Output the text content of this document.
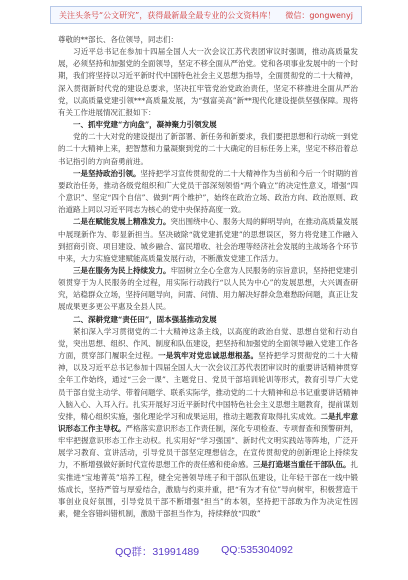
关注头条号“公文研究”，获得最新最全最专业的公文资料库！ 微信：gongwenyj

尊敬的**部长、各位领导，同志们：

习近平总书记在参加十四届全国人大一次会议江苏代表团审议时强调，推动高质量发展，必须坚持和加强党的全面领导，坚定不移全面从严治党。党和各项事业发展中的一个时期，我们将坚持以习近平新时代中国特色社会主义思想为指导，全面贯彻党的二十大精神，深入贯彻新时代党的建设总要求，坚决扛牢管党治党政治责任，坚定不移推进全面从严治党，以高质量党建引领***高质量发展，为“强富美高”新**现代化建设提供坚强保障。现将有关工作进展情况汇报如下：

一、抓牢党建“方向盘”，凝神聚力引领发展

党的二十大对党的建设提出了新部署、新任务和新要求，我们要把思想和行动统一到党的二十大精神上来，把智慧和力量凝聚到党的二十大确定的目标任务上来，坚定不移沿着总书记指引的方向奋勇前进。

一是坚持政治引领。坚持把学习宣传贯彻党的二十大精神作为当前和今后一个时期的首要政治任务，推动各级党组织和广大党员干部深刻领悟“两个确立”的决定性意义，增强“四个意识”、坚定“四个自信”、做到“两个维护”，始终在政治立场、政治方向、政治原则、政治道路上同以习近平同志为核心的党中央保持高度一致。

二是在赋能发展上精准发力。突出围绕中心、服务大局的鲜明导向，在推动高质量发展中展现新作为、彰显新担当。坚决破除“就党建抓党建”的思想误区，努力将党建工作融入到招商引资、项目建设、城乡融合、富民增收、社会治理等经济社会发展的主战场各个环节中来，大力实施党建赋能高质量发展行动，不断激发党建工作活力。

三是在服务为民上持续发力。牢固树立全心全意为人民服务的宗旨意识，坚持把党建引领贯穿于为人民服务的全过程，用实际行动践行“以人民为中心”的发展思想，大兴调查研究，站稳群众立场，坚持问题导向，问需、问情、用力解决好群众急难愁盼问题，真正让发展成果更多更公平惠及全县人民。

二、深耕党建“责任田”，固本强基推动发展

紧扣深入学习贯彻党的二十大精神这条主线，以高度的政治自觉、思想自觉和行动自觉，突出思想、组织、作风、制度和队伍建设，把坚持和加强党的全面领导融入党建工作各方面，贯穿部门履职全过程。一是筑牢对党忠诚思想根基。坚持把学习贯彻党的二十大精神，以及习近平总书记参加十四届全国人大一次会议江苏代表团审议时的重要讲话精神贯穿全年工作始终，通过“三会一课”、主题党日、党员干部培训轮训等形式，教育引导广大党员干部自觉主动学、带着问题学、联系实际学，推动党的二十大精神和总书记重要讲话精神入脑入心、入耳入行。扎实开展好习近平新时代中国特色社会主义思想主题教育，提前谋划安排，精心组织实施，强化理论学习和成果运用，推动主题教育取得扎实成效。二是扎牢意识形态工作主导权。严格落实意识形态工作责任制，深化专项检查、专项督查和预警研判，牢牢把握意识形态工作主动权。扎实用好“学习强国”、新时代文明实践站等阵地，广泛开展学习教育、宣讲活动，引导党员干部坚定理想信念，在宣传贯彻党的创新理论上持续发力，不断增强做好新时代宣传思想工作的责任感和使命感。三是打造堪当重任干部队伍。扎实推进“宝地菁英”培养工程，健全完善领导班子和干部队伍建设，让年轻干部在一线中锻炼成长，坚持严管与厚爱结合，激励与约束并重，把“有为才有位”导向树牢，积极营造干事创业良好氛围，引导党员干部不断增强“担当”的本领，坚持把干部敢为作为决定性因素，健全容错纠错机制，激励干部担当作为，持续释放“四敢”

QQ群：31991489 QQ:535304092
